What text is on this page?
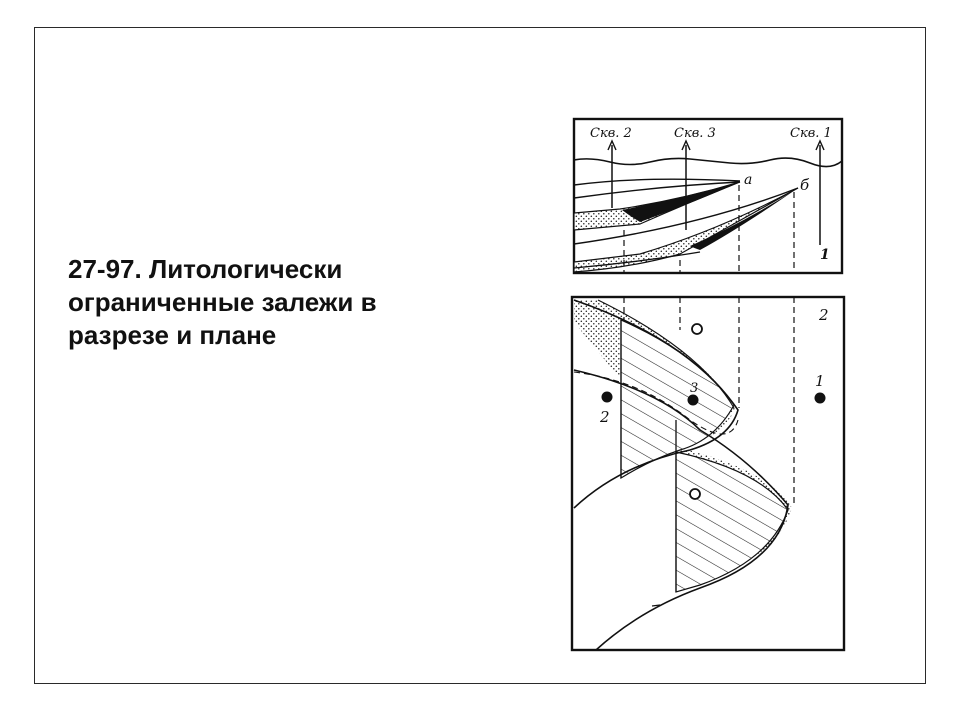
27-97. Литологически
ограниченные залежи в
разрезе и плане
Скв. 2	Скв. 3	Скв. 1
а	б
1
2
2
3	1
